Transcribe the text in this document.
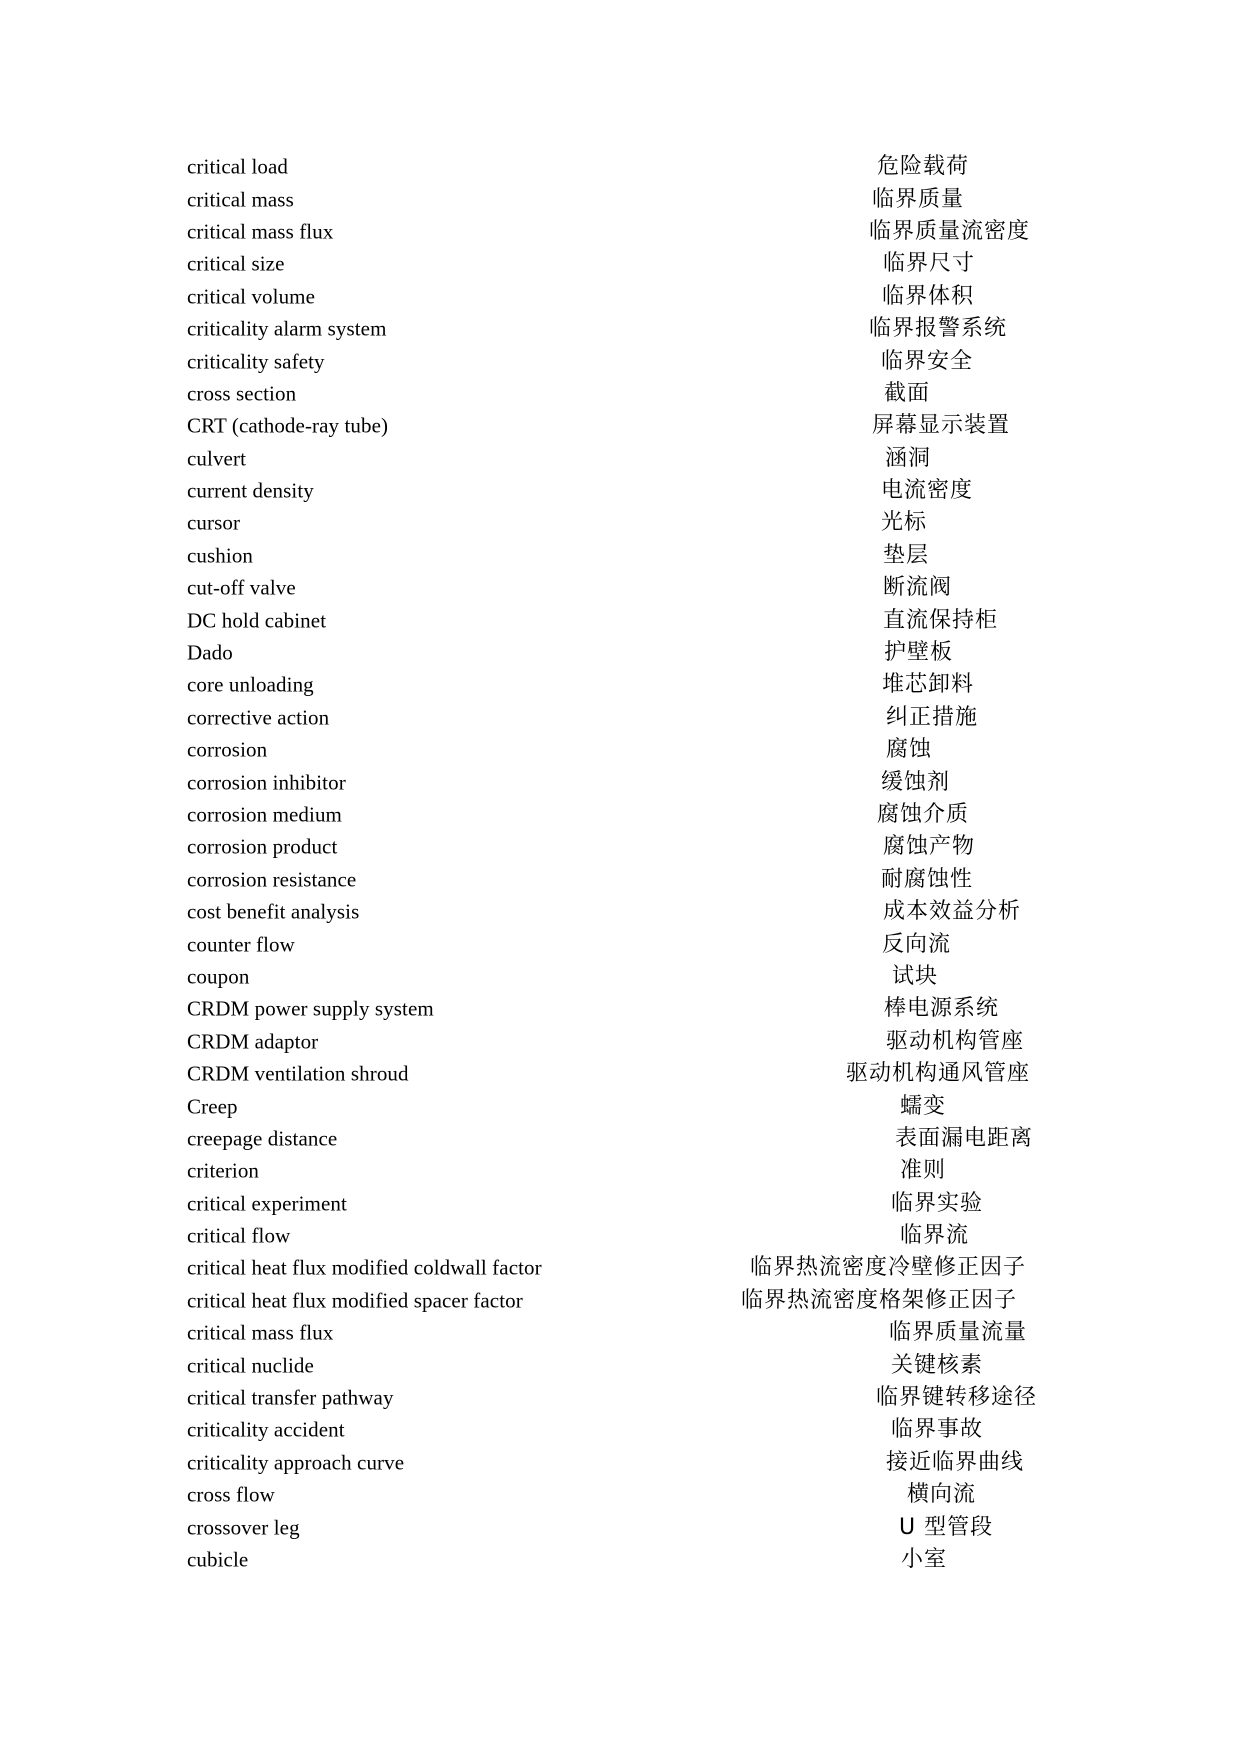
critical load	危险载荷
critical mass	临界质量
critical mass flux	临界质量流密度
critical size	临界尺寸
critical volume	临界体积
criticality alarm system	临界报警系统
criticality safety	临界安全
cross section	截面
CRT (cathode-ray tube)	屏幕显示装置
culvert	涵洞
current density	电流密度
cursor	光标
cushion	垫层
cut-off valve	断流阀
DC hold cabinet	直流保持柜
Dado	护壁板
core unloading	堆芯卸料
corrective action	纠正措施
corrosion	腐蚀
corrosion inhibitor	缓蚀剂
corrosion medium	腐蚀介质
corrosion product	腐蚀产物
corrosion resistance	耐腐蚀性
cost benefit analysis	成本效益分析
counter flow	反向流
coupon	试块
CRDM power supply system	棒电源系统
CRDM adaptor	驱动机构管座
CRDM ventilation shroud	驱动机构通风管座
Creep	蠕变
creepage distance	表面漏电距离
criterion	准则
critical experiment	临界实验
critical flow	临界流
critical heat flux modified coldwall factor	临界热流密度冷壁修正因子
critical heat flux modified spacer factor	临界热流密度格架修正因子
critical mass flux	临界质量流量
critical nuclide	关键核素
critical transfer pathway	临界键转移途径
criticality accident	临界事故
criticality approach curve	接近临界曲线
cross flow	横向流
crossover leg	U 型管段
cubicle	小室
